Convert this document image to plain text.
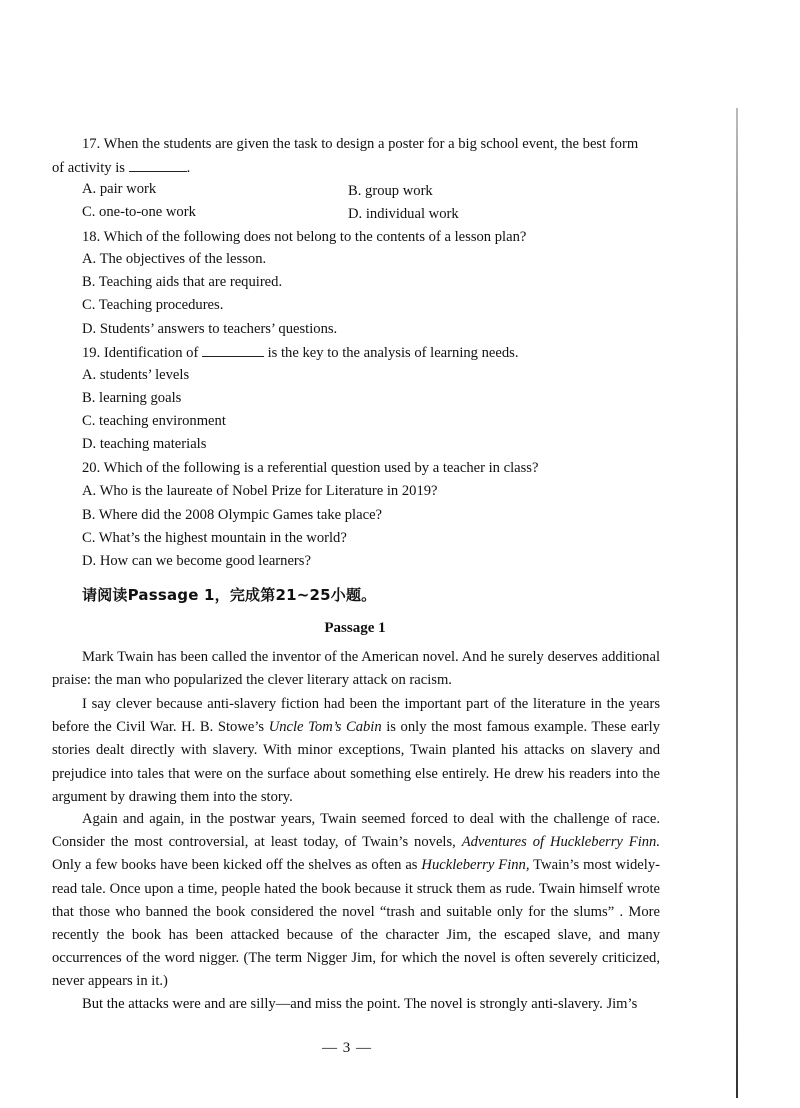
17. When the students are given the task to design a poster for a big school event, the best form
of activity is	.
A. pair work	B. group work
C. one-to-one work	D. individual work
18. Which of the following does not belong to the contents of a lesson plan?
A. The objectives of the lesson.
B. Teaching aids that are required.
C. Teaching procedures.
D. Students’ answers to teachers’ questions.
19. Identification of	is the key to the analysis of learning needs.
A. students’ levels
B. learning goals
C. teaching environment
D. teaching materials
20. Which of the following is a referential question used by a teacher in class?
A. Who is the laureate of Nobel Prize for Literature in 2019?
B. Where did the 2008 Olympic Games take place?
C. What’s the highest mountain in the world?
D. How can we become good learners?
请阅读Passage 1，完成第21~25小题。
Passage 1
Mark Twain has been called the inventor of the American novel. And he surely deserves additional praise: the man who popularized the clever literary attack on racism.
I say clever because anti-slavery fiction had been the important part of the literature in the years before the Civil War. H. B. Stowe’s Uncle Tom’s Cabin is only the most famous example. These early stories dealt directly with slavery. With minor exceptions, Twain planted his attacks on slavery and prejudice into tales that were on the surface about something else entirely. He drew his readers into the argument by drawing them into the story.
Again and again, in the postwar years, Twain seemed forced to deal with the challenge of race. Consider the most controversial, at least today, of Twain’s novels, Adventures of Huckleberry Finn. Only a few books have been kicked off the shelves as often as Huckleberry Finn, Twain’s most widely-read tale. Once upon a time, people hated the book because it struck them as rude. Twain himself wrote that those who banned the book considered the novel “trash and suitable only for the slums” . More recently the book has been attacked because of the character Jim, the escaped slave, and many occurrences of the word nigger. (The term Nigger Jim, for which the novel is often severely criticized, never appears in it.)
But the attacks were and are silly—and miss the point. The novel is strongly anti-slavery. Jim’s
— 3 —
